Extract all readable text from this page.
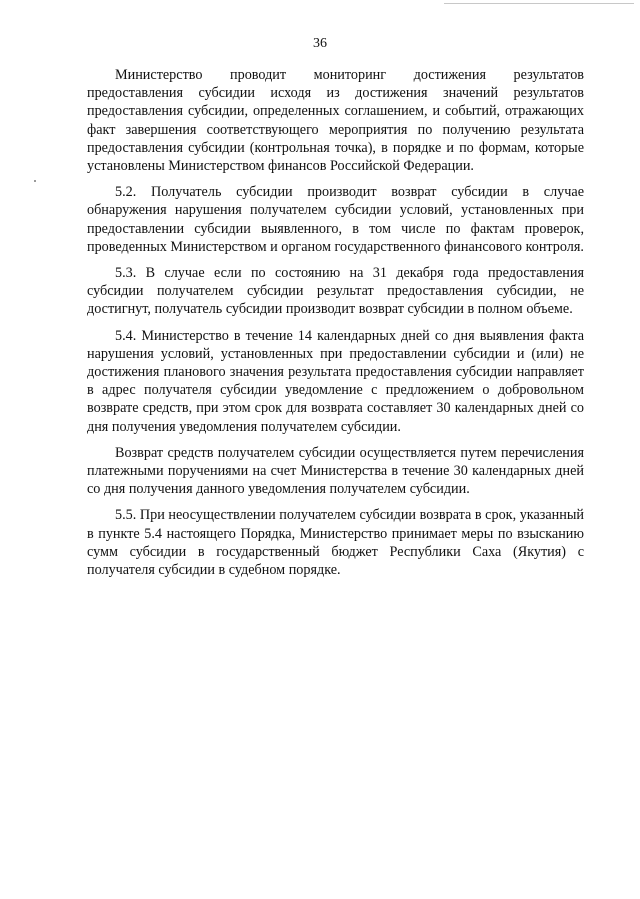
36

Министерство проводит мониторинг достижения результатов предоставления субсидии исходя из достижения значений результатов предоставления субсидии, определенных соглашением, и событий, отражающих факт завершения соответствующего мероприятия по получению результата предоставления субсидии (контрольная точка), в порядке и по формам, которые установлены Министерством финансов Российской Федерации.

5.2. Получатель субсидии производит возврат субсидии в случае обнаружения нарушения получателем субсидии условий, установленных при предоставлении субсидии выявленного, в том числе по фактам проверок, проведенных Министерством и органом государственного финансового контроля.

5.3. В случае если по состоянию на 31 декабря года предоставления субсидии получателем субсидии результат предоставления субсидии, не достигнут, получатель субсидии производит возврат субсидии в полном объеме.

5.4. Министерство в течение 14 календарных дней со дня выявления факта нарушения условий, установленных при предоставлении субсидии и (или) не достижения планового значения результата предоставления субсидии направляет в адрес получателя субсидии уведомление с предложением о добровольном возврате средств, при этом срок для возврата составляет 30 календарных дней со дня получения уведомления получателем субсидии.

Возврат средств получателем субсидии осуществляется путем перечисления платежными поручениями на счет Министерства в течение 30 календарных дней со дня получения данного уведомления получателем субсидии.

5.5. При неосуществлении получателем субсидии возврата в срок, указанный в пункте 5.4 настоящего Порядка, Министерство принимает меры по взысканию сумм субсидии в государственный бюджет Республики Саха (Якутия) с получателя субсидии в судебном порядке.
